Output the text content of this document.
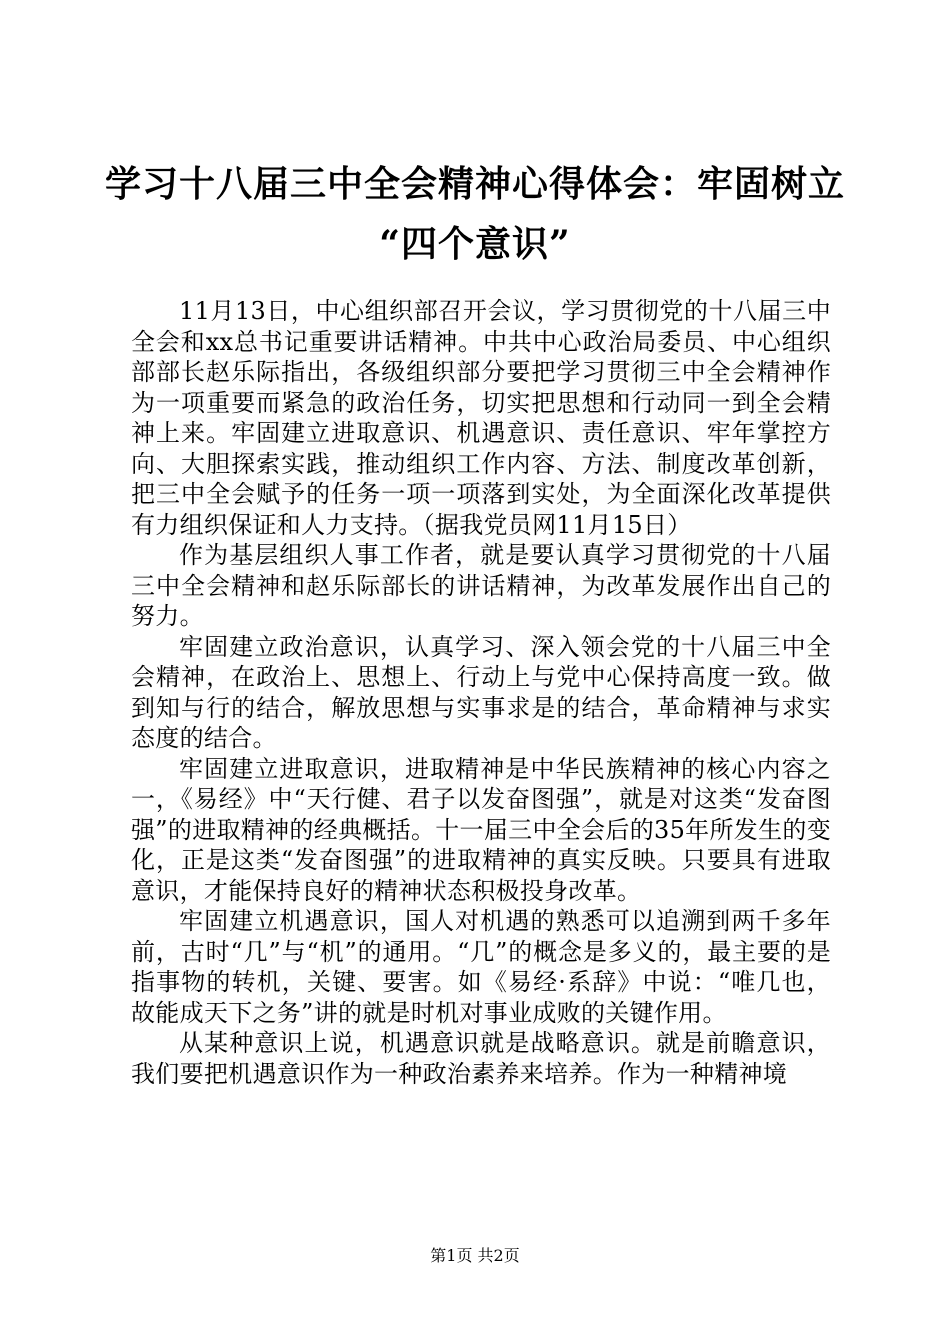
学习十八届三中全会精神心得体会：牢固树立
“四个意识”

11月13日，中心组织部召开会议，学习贯彻党的十八届三中全会和xx总书记重要讲话精神。中共中心政治局委员、中心组织部部长赵乐际指出，各级组织部分要把学习贯彻三中全会精神作为一项重要而紧急的政治任务，切实把思想和行动同一到全会精神上来。牢固建立进取意识、机遇意识、责任意识、牢年掌控方向、大胆探索实践，推动组织工作内容、方法、制度改革创新，把三中全会赋予的任务一项一项落到实处，为全面深化改革提供有力组织保证和人力支持。（据我党员网11月15日）

作为基层组织人事工作者，就是要认真学习贯彻党的十八届三中全会精神和赵乐际部长的讲话精神，为改革发展作出自己的努力。

牢固建立政治意识，认真学习、深入领会党的十八届三中全会精神，在政治上、思想上、行动上与党中心保持高度一致。做到知与行的结合，解放思想与实事求是的结合，革命精神与求实态度的结合。

牢固建立进取意识，进取精神是中华民族精神的核心内容之一，《易经》中“天行健、君子以发奋图强”，就是对这类“发奋图强”的进取精神的经典概括。十一届三中全会后的35年所发生的变化，正是这类“发奋图强”的进取精神的真实反映。只要具有进取意识，才能保持良好的精神状态积极投身改革。

牢固建立机遇意识，国人对机遇的熟悉可以追溯到两千多年前，古时“几”与“机”的通用。“几”的概念是多义的，最主要的是指事物的转机，关键、要害。如《易经·系辞》中说：“唯几也，故能成天下之务”讲的就是时机对事业成败的关键作用。

从某种意识上说，机遇意识就是战略意识。就是前瞻意识，我们要把机遇意识作为一种政治素养来培养。作为一种精神境

第1页 共2页
